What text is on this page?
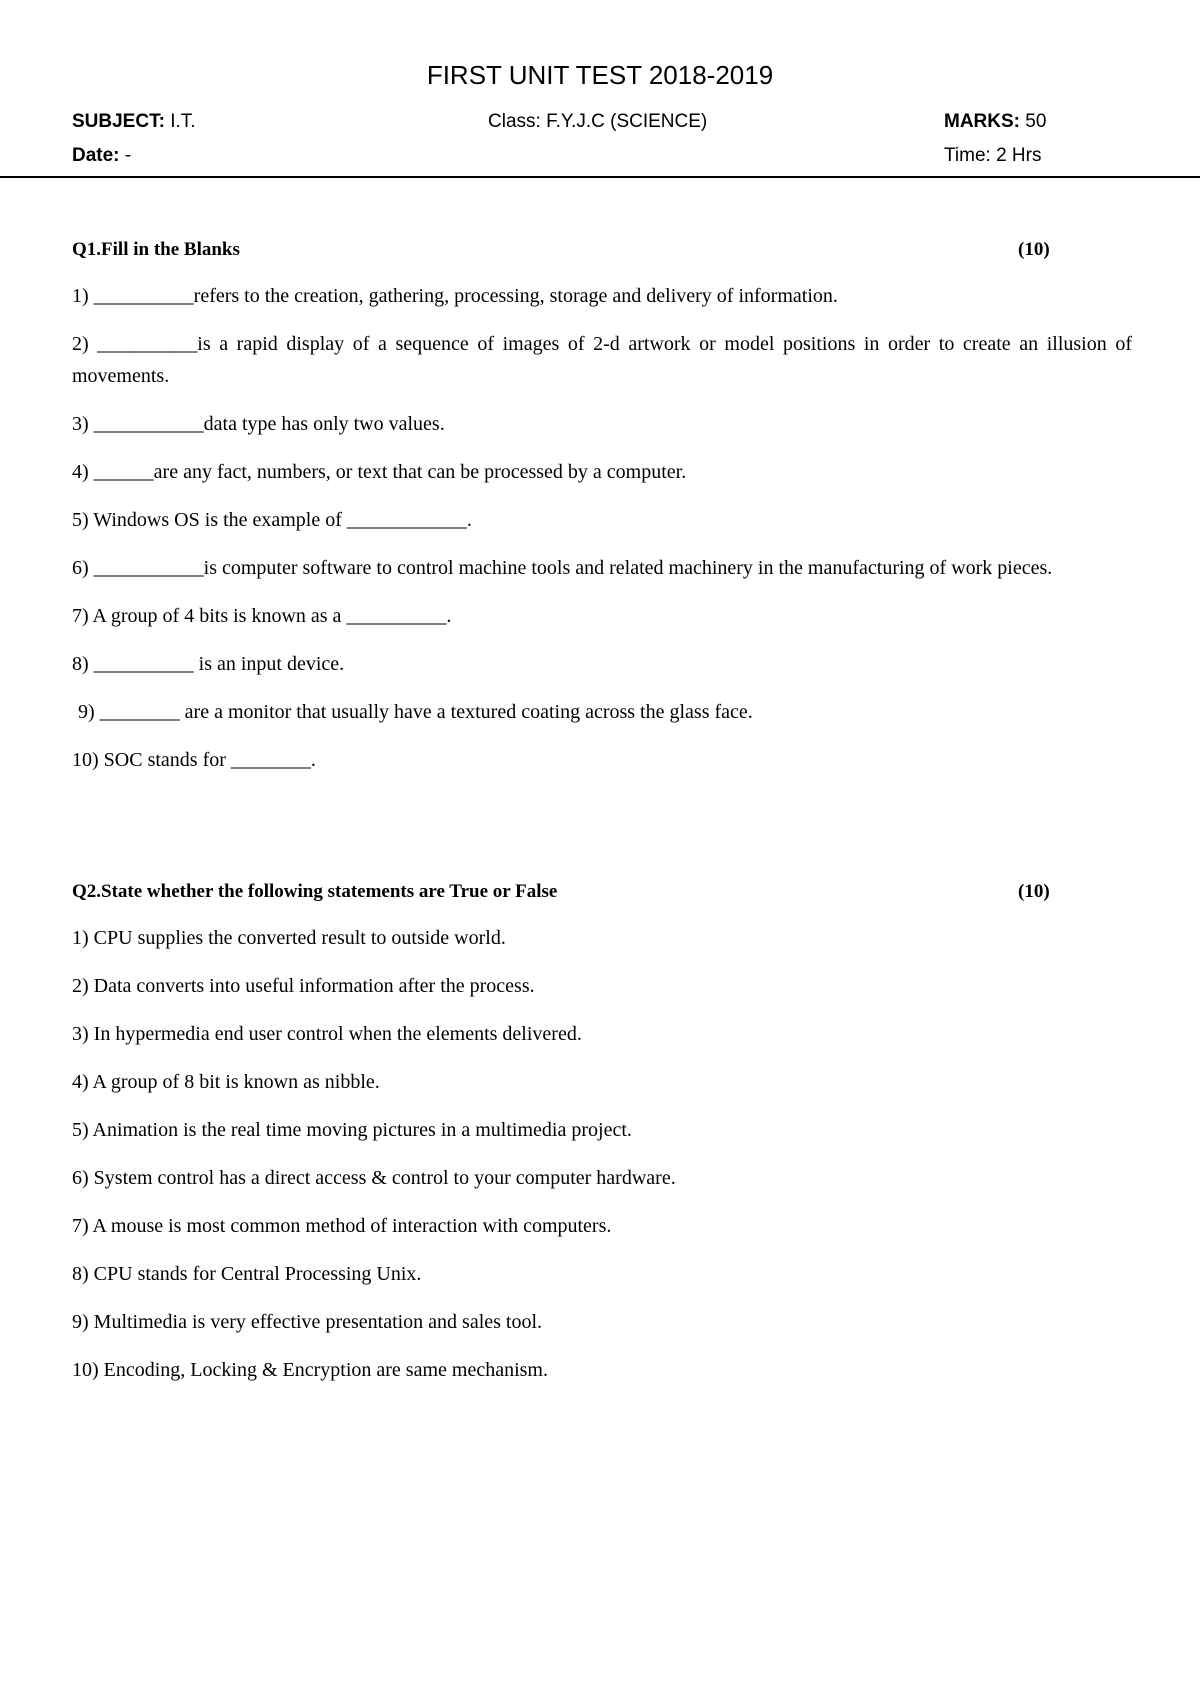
FIRST UNIT TEST 2018-2019
SUBJECT: I.T.	Class: F.Y.J.C (SCIENCE)	MARKS: 50
Date: -	Time: 2 Hrs
Q1.Fill in the Blanks	(10)

1) __________refers to the creation, gathering, processing, storage and delivery of information.

2) __________is a rapid display of a sequence of images of 2-d artwork or model positions in order to create an illusion of movements.

3) ___________data type has only two values.

4) ______are any fact, numbers, or text that can be processed by a computer.

5) Windows OS is the example of ____________.

6) ___________is computer software to control machine tools and related machinery in the manufacturing of work pieces.

7) A group of 4 bits is known as a __________.

8) __________ is an input device.

9) ________ are a monitor that usually have a textured coating across the glass face.

10) SOC stands for ________.

Q2.State whether the following statements are True or False	(10)

1) CPU supplies the converted result to outside world.

2) Data converts into useful information after the process.

3) In hypermedia end user control when the elements delivered.

4) A group of 8 bit is known as nibble.

5) Animation is the real time moving pictures in a multimedia project.

6) System control has a direct access & control to your computer hardware.

7) A mouse is most common method of interaction with computers.

8) CPU stands for Central Processing Unix.

9) Multimedia is very effective presentation and sales tool.

10) Encoding, Locking & Encryption are same mechanism.
